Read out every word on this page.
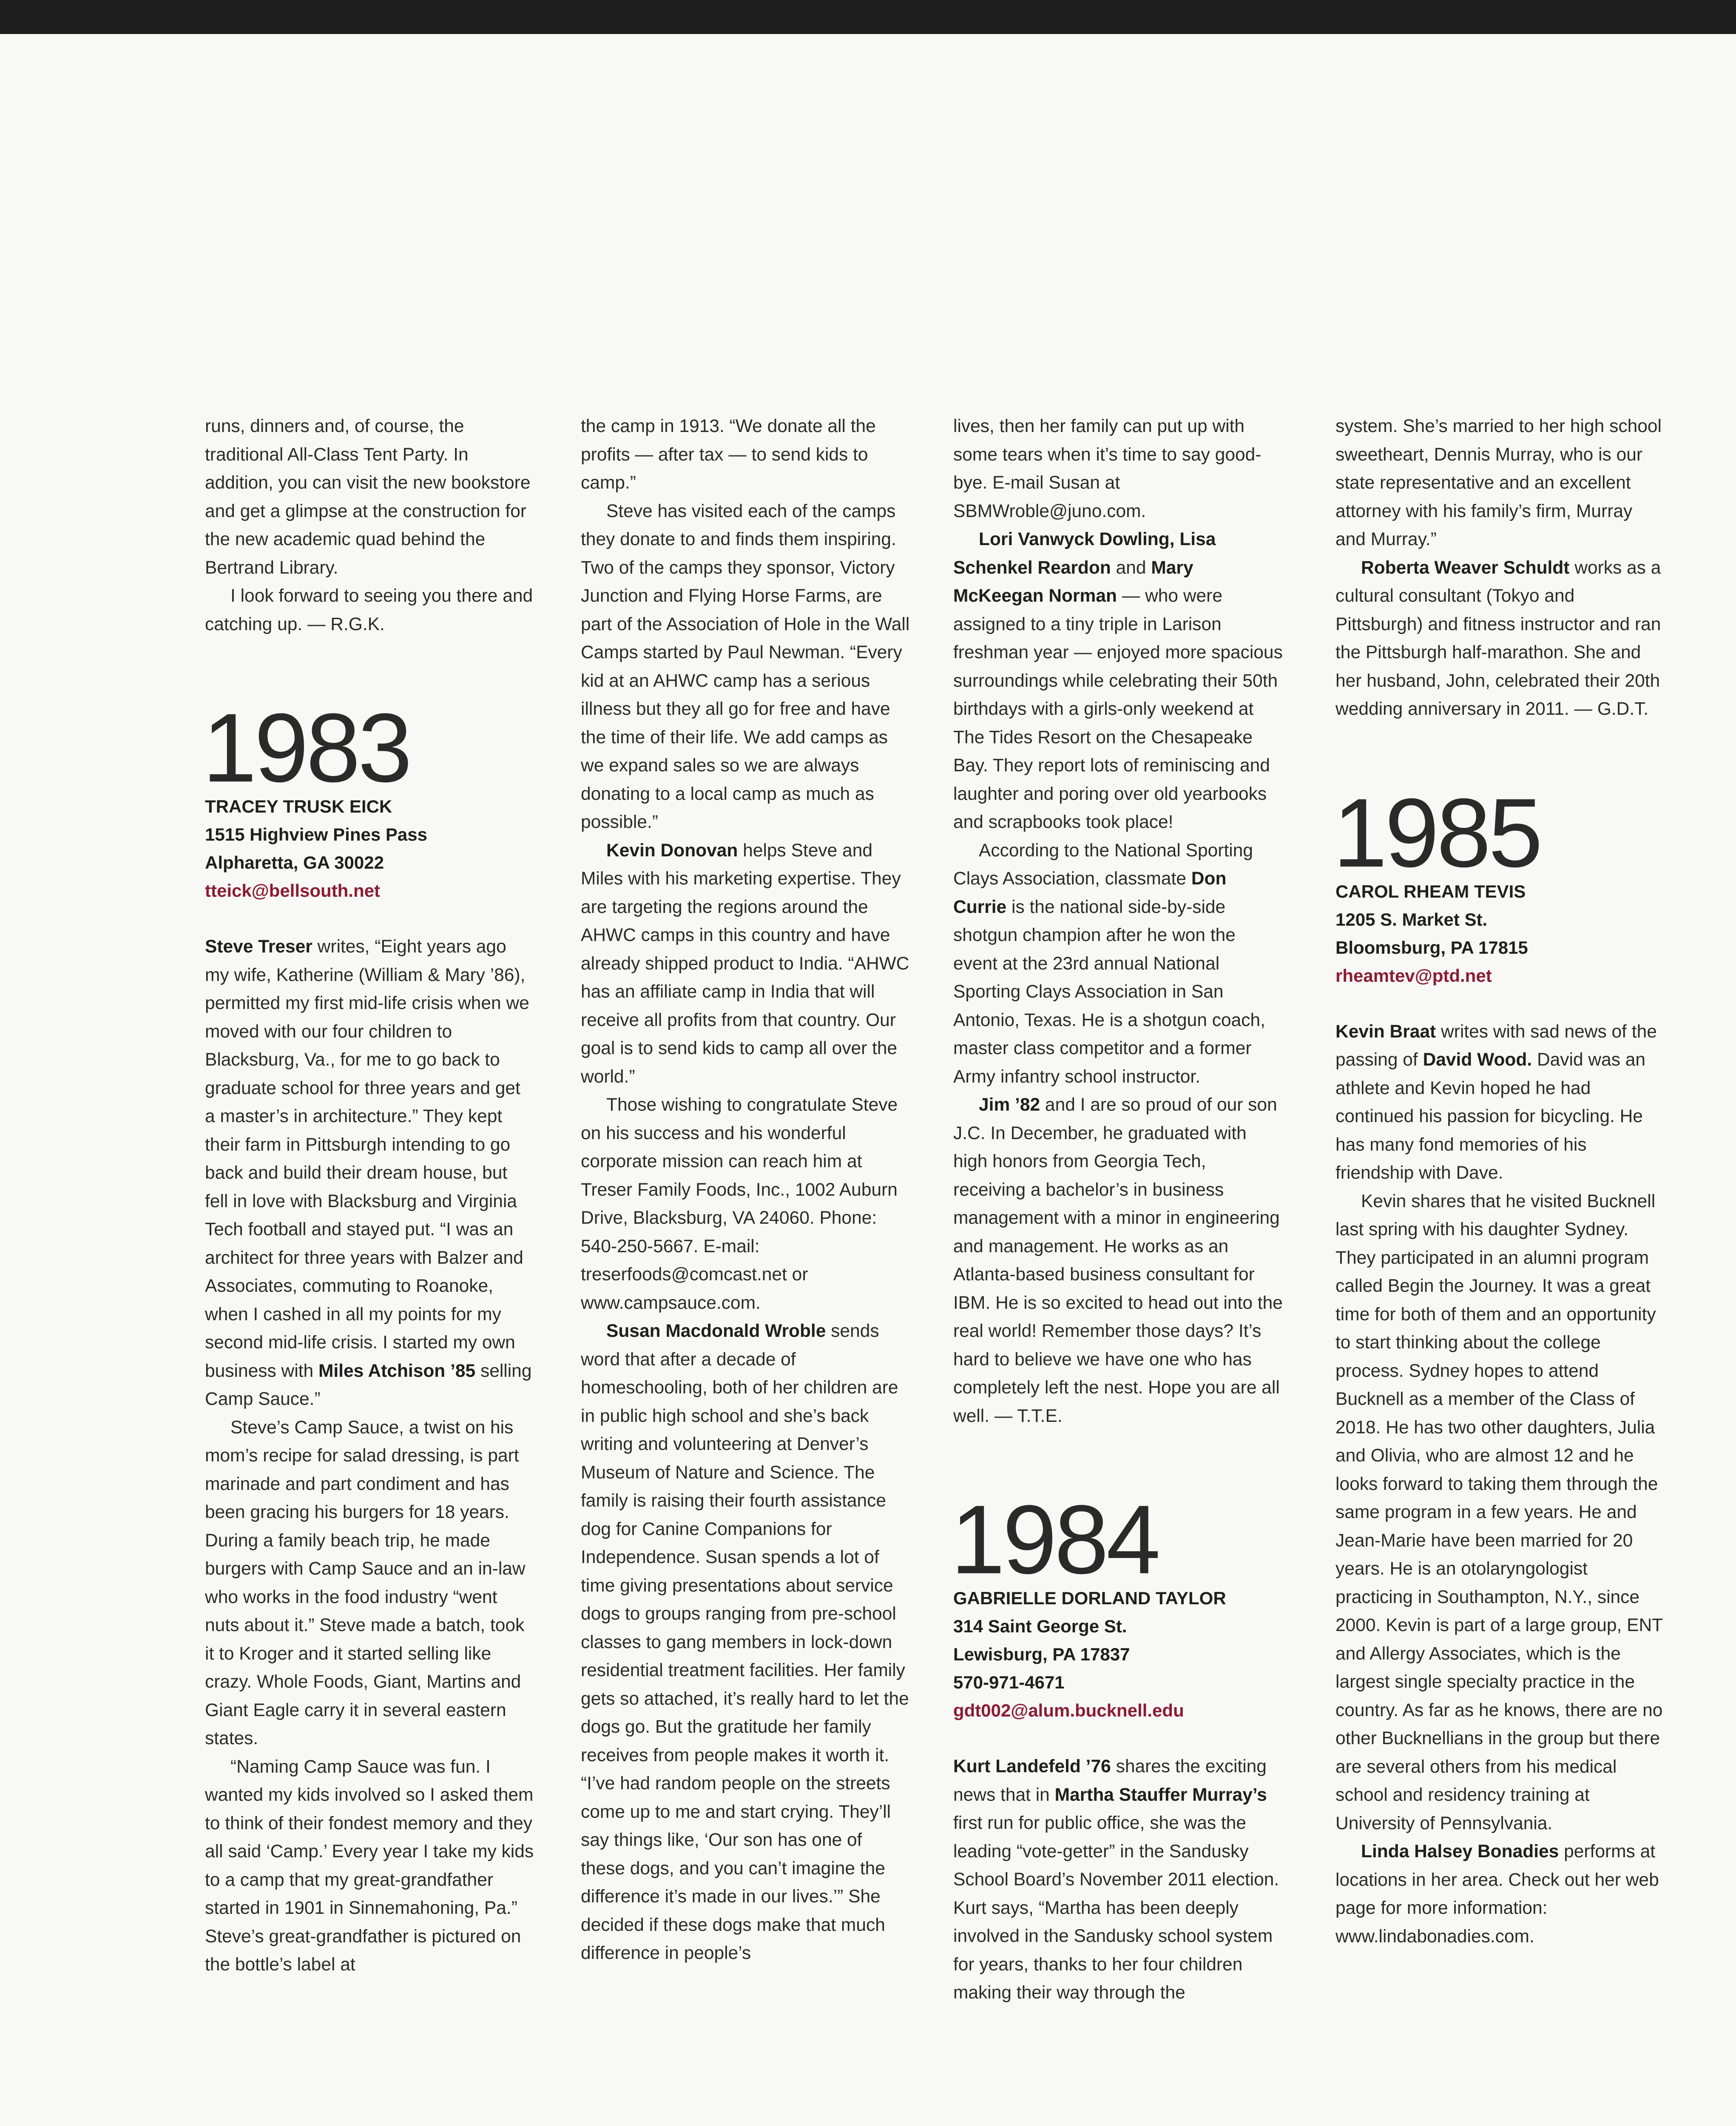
runs, dinners and, of course, the traditional All-Class Tent Party. In addition, you can visit the new bookstore and get a glimpse at the construction for the new academic quad behind the Bertrand Library.

I look forward to seeing you there and catching up. — R.G.K.

1983
TRACEY TRUSK EICK
1515 Highview Pines Pass
Alpharetta, GA 30022
tteick@bellsouth.net

Steve Treser writes, “Eight years ago my wife, Katherine (William & Mary ’86), permitted my first mid-life crisis when we moved with our four children to Blacksburg, Va., for me to go back to graduate school for three years and get a master’s in architecture.” They kept their farm in Pittsburgh intending to go back and build their dream house, but fell in love with Blacksburg and Virginia Tech football and stayed put. “I was an architect for three years with Balzer and Associates, commuting to Roanoke, when I cashed in all my points for my second mid-life crisis. I started my own business with Miles Atchison ’85 selling Camp Sauce.”

Steve’s Camp Sauce, a twist on his mom’s recipe for salad dressing, is part marinade and part condiment and has been gracing his burgers for 18 years. During a family beach trip, he made burgers with Camp Sauce and an in-law who works in the food industry “went nuts about it.” Steve made a batch, took it to Kroger and it started selling like crazy. Whole Foods, Giant, Martins and Giant Eagle carry it in several eastern states.

“Naming Camp Sauce was fun. I wanted my kids involved so I asked them to think of their fondest memory and they all said ‘Camp.’ Every year I take my kids to a camp that my great-grandfather started in 1901 in Sinnemahoning, Pa.” Steve’s great-grandfather is pictured on the bottle’s label at

the camp in 1913. “We donate all the profits — after tax — to send kids to camp.”

Steve has visited each of the camps they donate to and finds them inspiring. Two of the camps they sponsor, Victory Junction and Flying Horse Farms, are part of the Association of Hole in the Wall Camps started by Paul Newman. “Every kid at an AHWC camp has a serious illness but they all go for free and have the time of their life. We add camps as we expand sales so we are always donating to a local camp as much as possible.”

Kevin Donovan helps Steve and Miles with his marketing expertise. They are targeting the regions around the AHWC camps in this country and have already shipped product to India. “AHWC has an affiliate camp in India that will receive all profits from that country. Our goal is to send kids to camp all over the world.”

Those wishing to congratulate Steve on his success and his wonderful corporate mission can reach him at Treser Family Foods, Inc., 1002 Auburn Drive, Blacksburg, VA 24060. Phone: 540-250-5667. E-mail: treserfoods@comcast.net or www.campsauce.com.

Susan Macdonald Wroble sends word that after a decade of homeschooling, both of her children are in public high school and she’s back writing and volunteering at Denver’s Museum of Nature and Science. The family is raising their fourth assistance dog for Canine Companions for Independence. Susan spends a lot of time giving presentations about service dogs to groups ranging from pre-school classes to gang members in lock-down residential treatment facilities. Her family gets so attached, it’s really hard to let the dogs go. But the gratitude her family receives from people makes it worth it. “I’ve had random people on the streets come up to me and start crying. They’ll say things like, ‘Our son has one of these dogs, and you can’t imagine the difference it’s made in our lives.’” She decided if these dogs make that much difference in people’s

lives, then her family can put up with some tears when it’s time to say good-bye. E-mail Susan at SBMWroble@juno.com.

Lori Vanwyck Dowling, Lisa Schenkel Reardon and Mary McKeegan Norman — who were assigned to a tiny triple in Larison freshman year — enjoyed more spacious surroundings while celebrating their 50th birthdays with a girls-only weekend at The Tides Resort on the Chesapeake Bay. They report lots of reminiscing and laughter and poring over old yearbooks and scrapbooks took place!

According to the National Sporting Clays Association, classmate Don Currie is the national side-by-side shotgun champion after he won the event at the 23rd annual National Sporting Clays Association in San Antonio, Texas. He is a shotgun coach, master class competitor and a former Army infantry school instructor.

Jim ’82 and I are so proud of our son J.C. In December, he graduated with high honors from Georgia Tech, receiving a bachelor’s in business management with a minor in engineering and management. He works as an Atlanta-based business consultant for IBM. He is so excited to head out into the real world! Remember those days? It’s hard to believe we have one who has completely left the nest. Hope you are all well. — T.T.E.

1984
GABRIELLE DORLAND TAYLOR
314 Saint George St.
Lewisburg, PA 17837
570-971-4671
gdt002@alum.bucknell.edu

Kurt Landefeld ’76 shares the exciting news that in Martha Stauffer Murray’s first run for public office, she was the leading “vote-getter” in the Sandusky School Board’s November 2011 election. Kurt says, “Martha has been deeply involved in the Sandusky school system for years, thanks to her four children making their way through the

system. She’s married to her high school sweetheart, Dennis Murray, who is our state representative and an excellent attorney with his family’s firm, Murray and Murray.”

Roberta Weaver Schuldt works as a cultural consultant (Tokyo and Pittsburgh) and fitness instructor and ran the Pittsburgh half-marathon. She and her husband, John, celebrated their 20th wedding anniversary in 2011. — G.D.T.

1985
CAROL RHEAM TEVIS
1205 S. Market St.
Bloomsburg, PA 17815
rheamtev@ptd.net

Kevin Braat writes with sad news of the passing of David Wood. David was an athlete and Kevin hoped he had continued his passion for bicycling. He has many fond memories of his friendship with Dave.

Kevin shares that he visited Bucknell last spring with his daughter Sydney. They participated in an alumni program called Begin the Journey. It was a great time for both of them and an opportunity to start thinking about the college process. Sydney hopes to attend Bucknell as a member of the Class of 2018. He has two other daughters, Julia and Olivia, who are almost 12 and he looks forward to taking them through the same program in a few years. He and Jean-Marie have been married for 20 years. He is an otolaryngologist practicing in Southampton, N.Y., since 2000. Kevin is part of a large group, ENT and Allergy Associates, which is the largest single specialty practice in the country. As far as he knows, there are no other Bucknellians in the group but there are several others from his medical school and residency training at University of Pennsylvania.

Linda Halsey Bonadies performs at locations in her area. Check out her web page for more information: www.lindabonadies.com.
